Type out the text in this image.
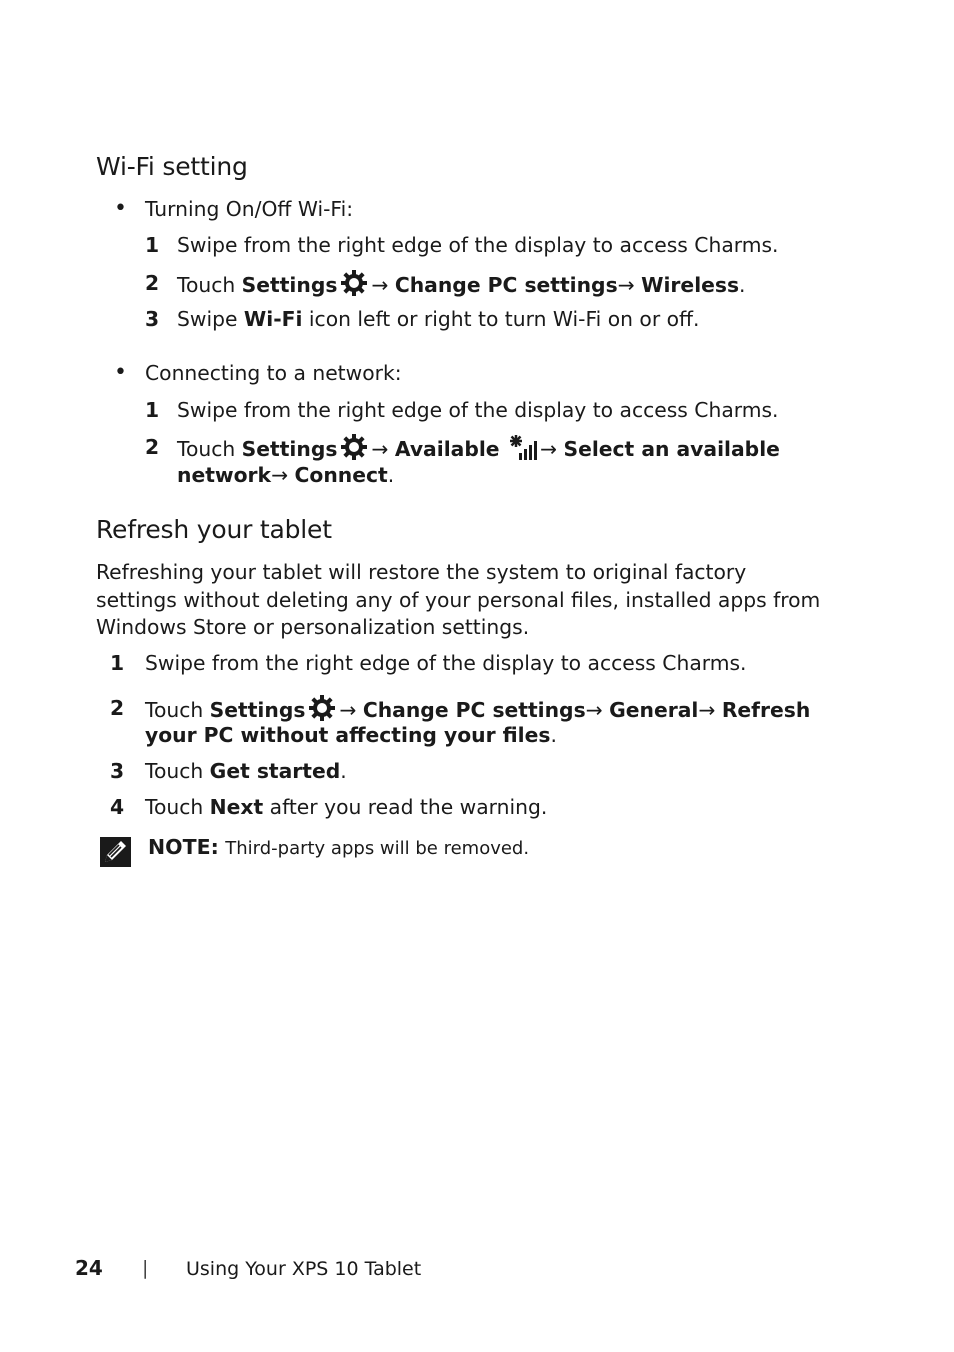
Wi-Fi setting
• Turning On/Off Wi-Fi:
1 Swipe from the right edge of the display to access Charms.
2 Touch Settings → Change PC settings→ Wireless.
3 Swipe Wi-Fi icon left or right to turn Wi-Fi on or off.
• Connecting to a network:
1 Swipe from the right edge of the display to access Charms.
2 Touch Settings → Available → Select an available
network→ Connect.
Refresh your tablet
Refreshing your tablet will restore the system to original factory
settings without deleting any of your personal files, installed apps from
Windows Store or personalization settings.
1 Swipe from the right edge of the display to access Charms.
2 Touch Settings → Change PC settings→ General→ Refresh
your PC without affecting your files.
3 Touch Get started.
4 Touch Next after you read the warning.
NOTE: Third-party apps will be removed.
24 | Using Your XPS 10 Tablet
